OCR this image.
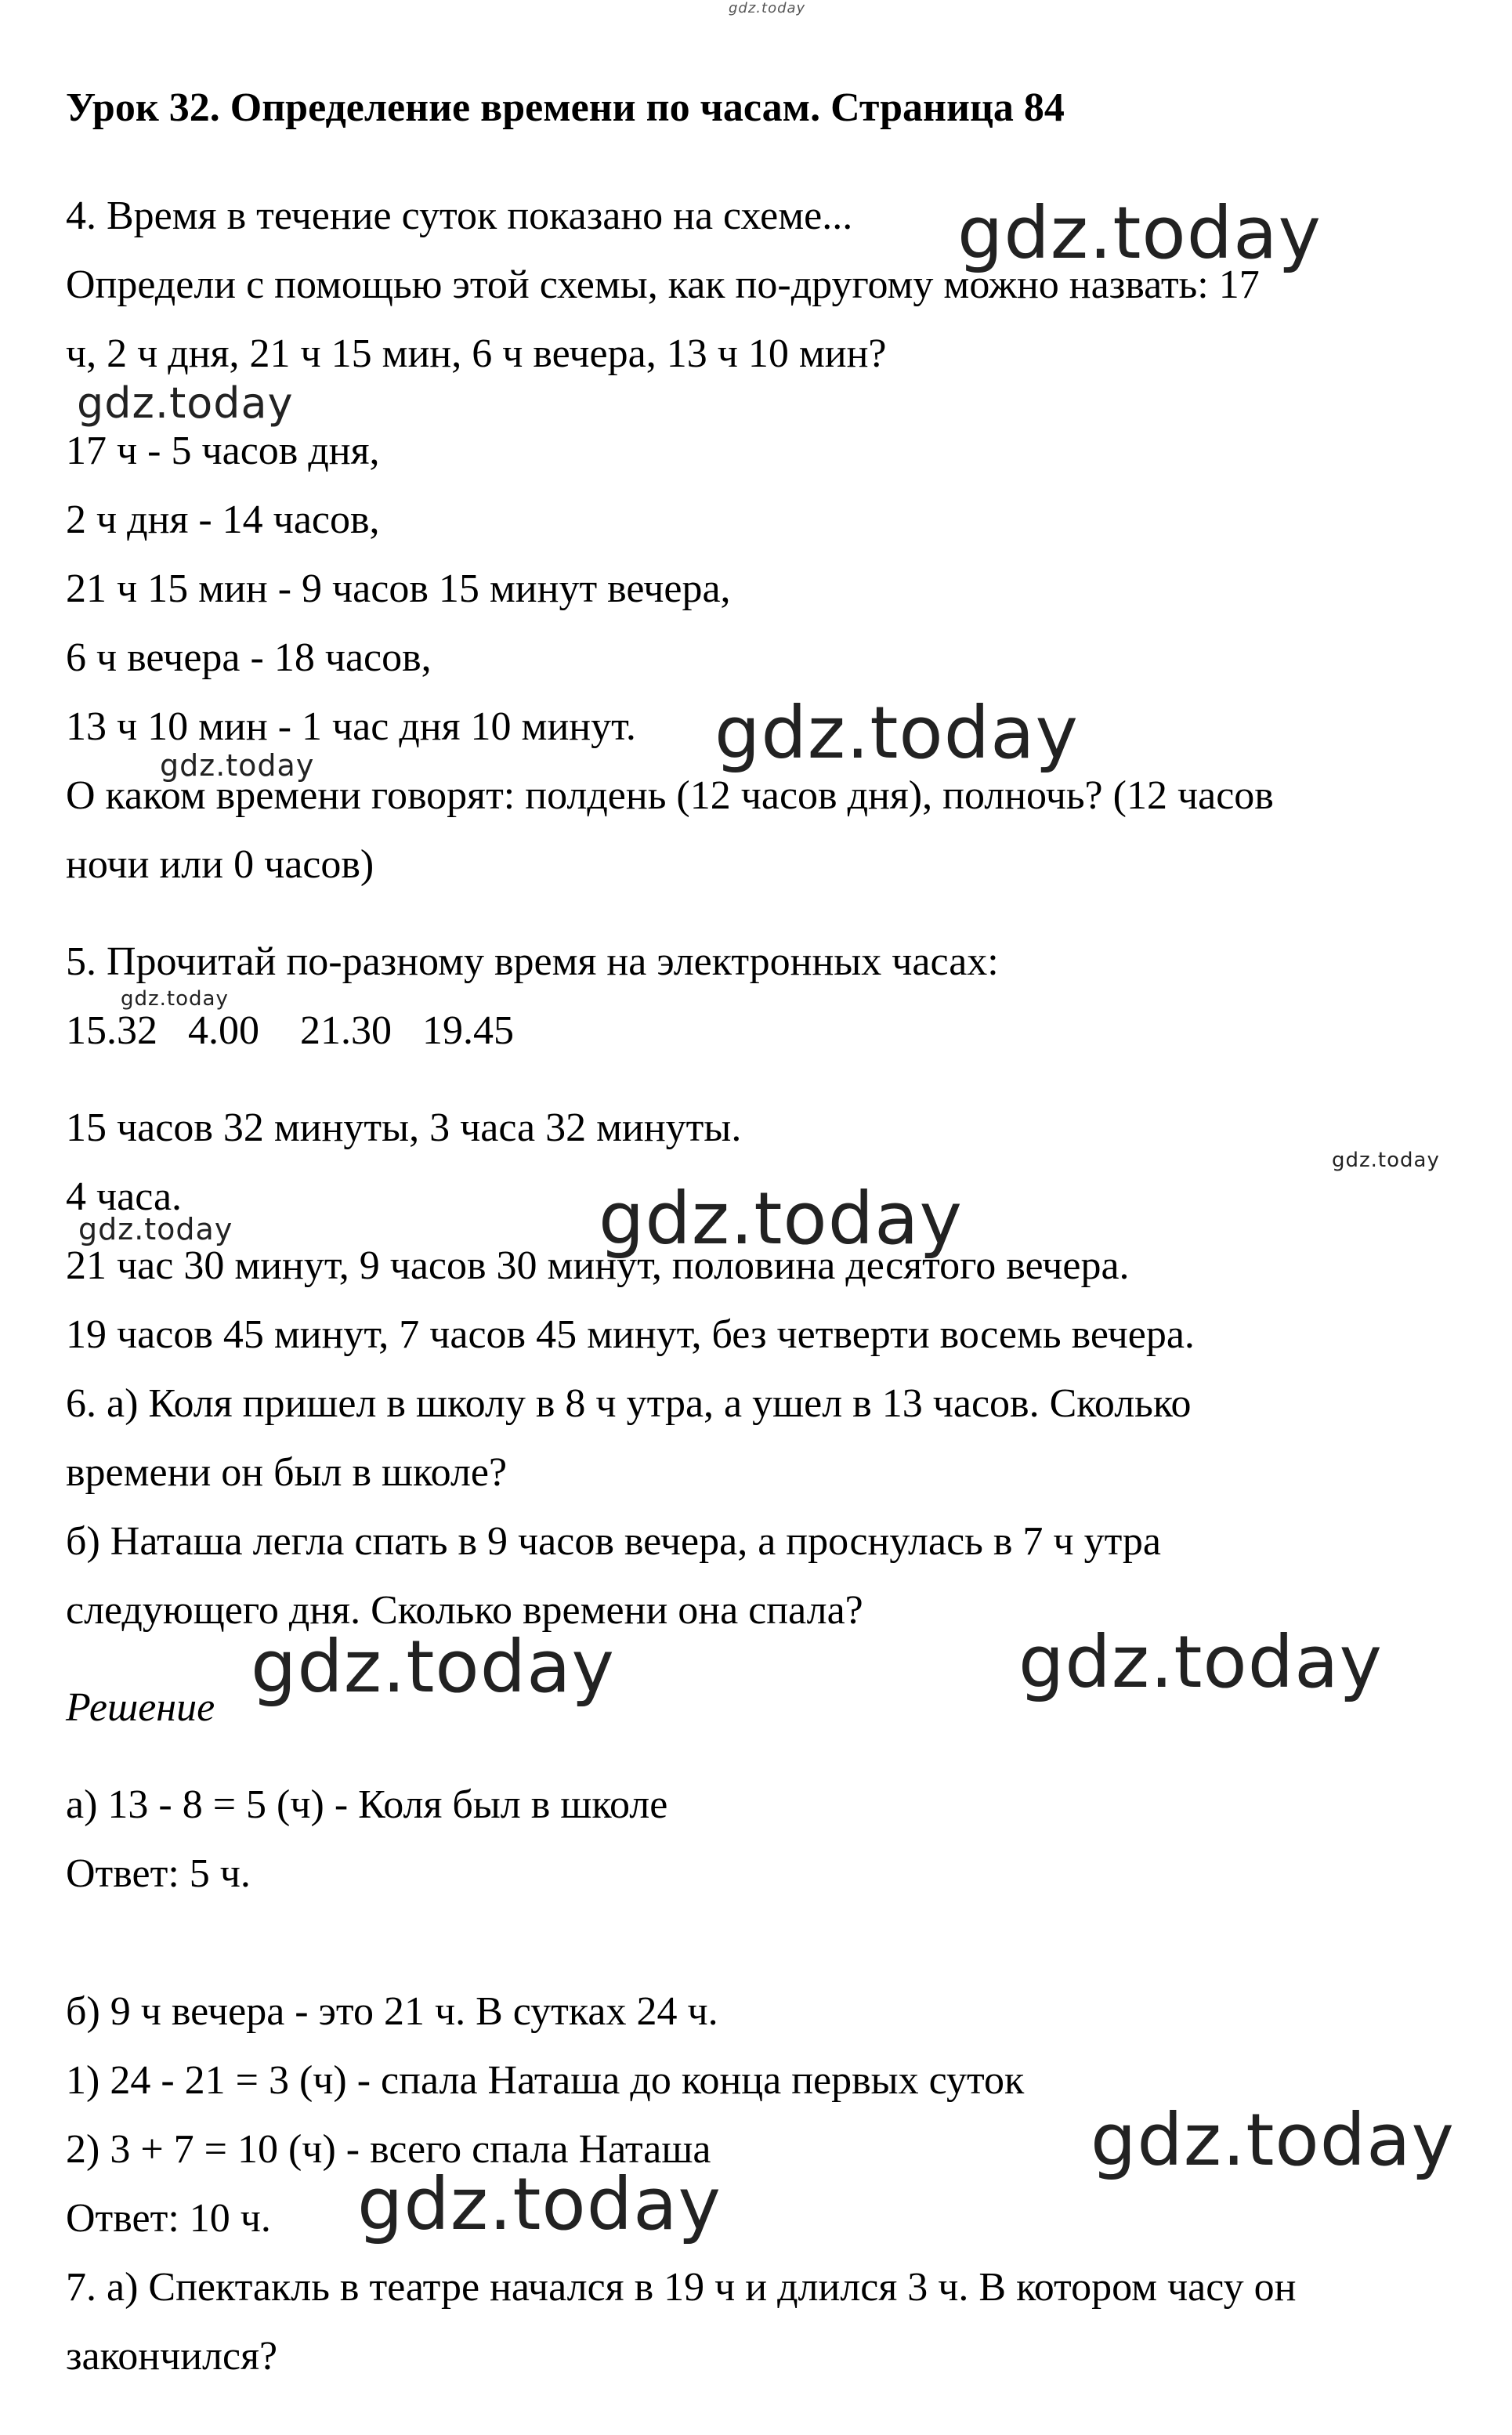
gdz.today
gdz.today
gdz.today
gdz.today
gdz.today
gdz.today
gdz.today
gdz.today
gdz.today
gdz.today	gdz.today
gdz.today
gdz.today
Урок 32. Определение времени по часам. Страница 84
4. Время в течение суток показано на схеме...
Определи с помощью этой схемы, как по-другому можно назвать: 17
ч, 2 ч дня, 21 ч 15 мин, 6 ч вечера, 13 ч 10 мин?
17 ч - 5 часов дня,
2 ч дня - 14 часов,
21 ч 15 мин - 9 часов 15 минут вечера,
6 ч вечера - 18 часов,
13 ч 10 мин - 1 час дня 10 минут.
О каком времени говорят: полдень (12 часов дня), полночь? (12 часов
ночи или 0 часов)
5. Прочитай по-разному время на электронных часах:
15.32   4.00    21.30   19.45
15 часов 32 минуты, 3 часа 32 минуты.
4 часа.
21 час 30 минут, 9 часов 30 минут, половина десятого вечера.
19 часов 45 минут, 7 часов 45 минут, без четверти восемь вечера.
6. а) Коля пришел в школу в 8 ч утра, а ушел в 13 часов. Сколько
времени он был в школе?
б) Наташа легла спать в 9 часов вечера, а проснулась в 7 ч утра
следующего дня. Сколько времени она спала?
Решение
а) 13 - 8 = 5 (ч) - Коля был в школе
Ответ: 5 ч.
б) 9 ч вечера - это 21 ч. В сутках 24 ч.
1) 24 - 21 = 3 (ч) - спала Наташа до конца первых суток
2) 3 + 7 = 10 (ч) - всего спала Наташа
Ответ: 10 ч.
7. а) Спектакль в театре начался в 19 ч и длился 3 ч. В котором часу он
закончился?
